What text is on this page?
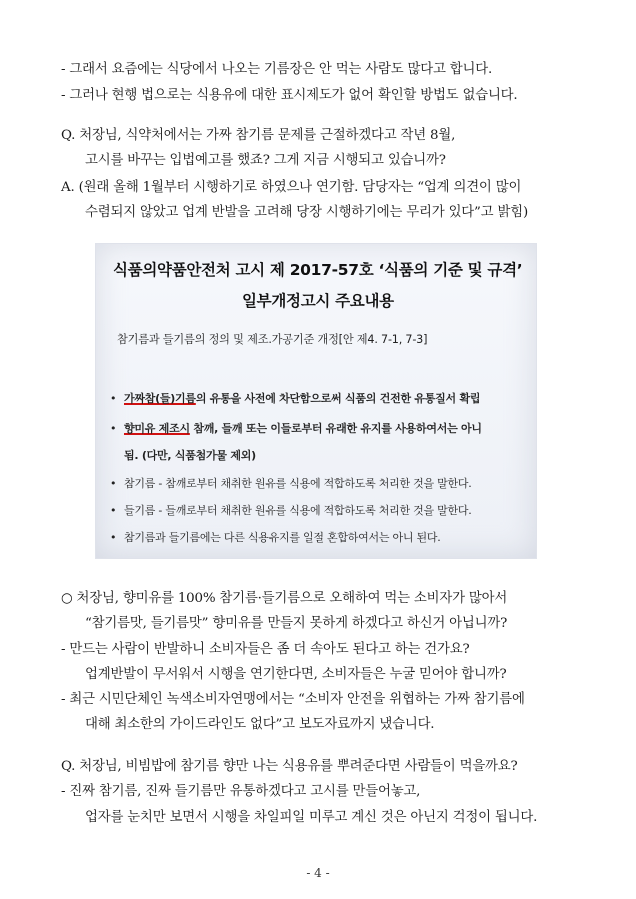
- 그래서 요즘에는 식당에서 나오는 기름장은 안 먹는 사람도 많다고 합니다.
- 그러나 현행 법으로는 식용유에 대한 표시제도가 없어 확인할 방법도 없습니다.
Q. 처장님, 식약처에서는 가짜 참기름 문제를 근절하겠다고 작년 8월,
고시를 바꾸는 입법예고를 했죠? 그게 지금 시행되고 있습니까?
A. (원래 올해 1월부터 시행하기로 하였으나 연기함. 담당자는 “업계 의견이 많이
수렴되지 않았고 업계 반발을 고려해 당장 시행하기에는 무리가 있다”고 밝힘)
식품의약품안전처 고시 제 2017-57호 ‘식품의 기준 및 규격’
일부개정고시 주요내용
참기름과 들기름의 정의 및 제조.가공기준 개정[안 제4. 7-1, 7-3]
• 가짜참(들)기름의 유통을 사전에 차단함으로써 식품의 건전한 유통질서 확립
• 향미유 제조시 참깨, 들깨 또는 이들로부터 유래한 유지를 사용하여서는 아니
됨. (다만, 식품첨가물 제외)
• 참기름 - 참깨로부터 채취한 원유를 식용에 적합하도록 처리한 것을 말한다.
• 들기름 - 들깨로부터 채취한 원유를 식용에 적합하도록 처리한 것을 말한다.
• 참기름과 들기름에는 다른 식용유지를 일절 혼합하여서는 아니 된다.
○ 처장님, 향미유를 100% 참기름·들기름으로 오해하여 먹는 소비자가 많아서
“참기름맛, 들기름맛” 향미유를 만들지 못하게 하겠다고 하신거 아닙니까?
- 만드는 사람이 반발하니 소비자들은 좀 더 속아도 된다고 하는 건가요?
업계반발이 무서워서 시행을 연기한다면, 소비자들은 누굴 믿어야 합니까?
- 최근 시민단체인 녹색소비자연맹에서는 “소비자 안전을 위협하는 가짜 참기름에
대해 최소한의 가이드라인도 없다”고 보도자료까지 냈습니다.
Q. 처장님, 비빔밥에 참기름 향만 나는 식용유를 뿌려준다면 사람들이 먹을까요?
- 진짜 참기름, 진짜 들기름만 유통하겠다고 고시를 만들어놓고,
업자를 눈치만 보면서 시행을 차일피일 미루고 계신 것은 아닌지 걱정이 됩니다.
- 4 -
